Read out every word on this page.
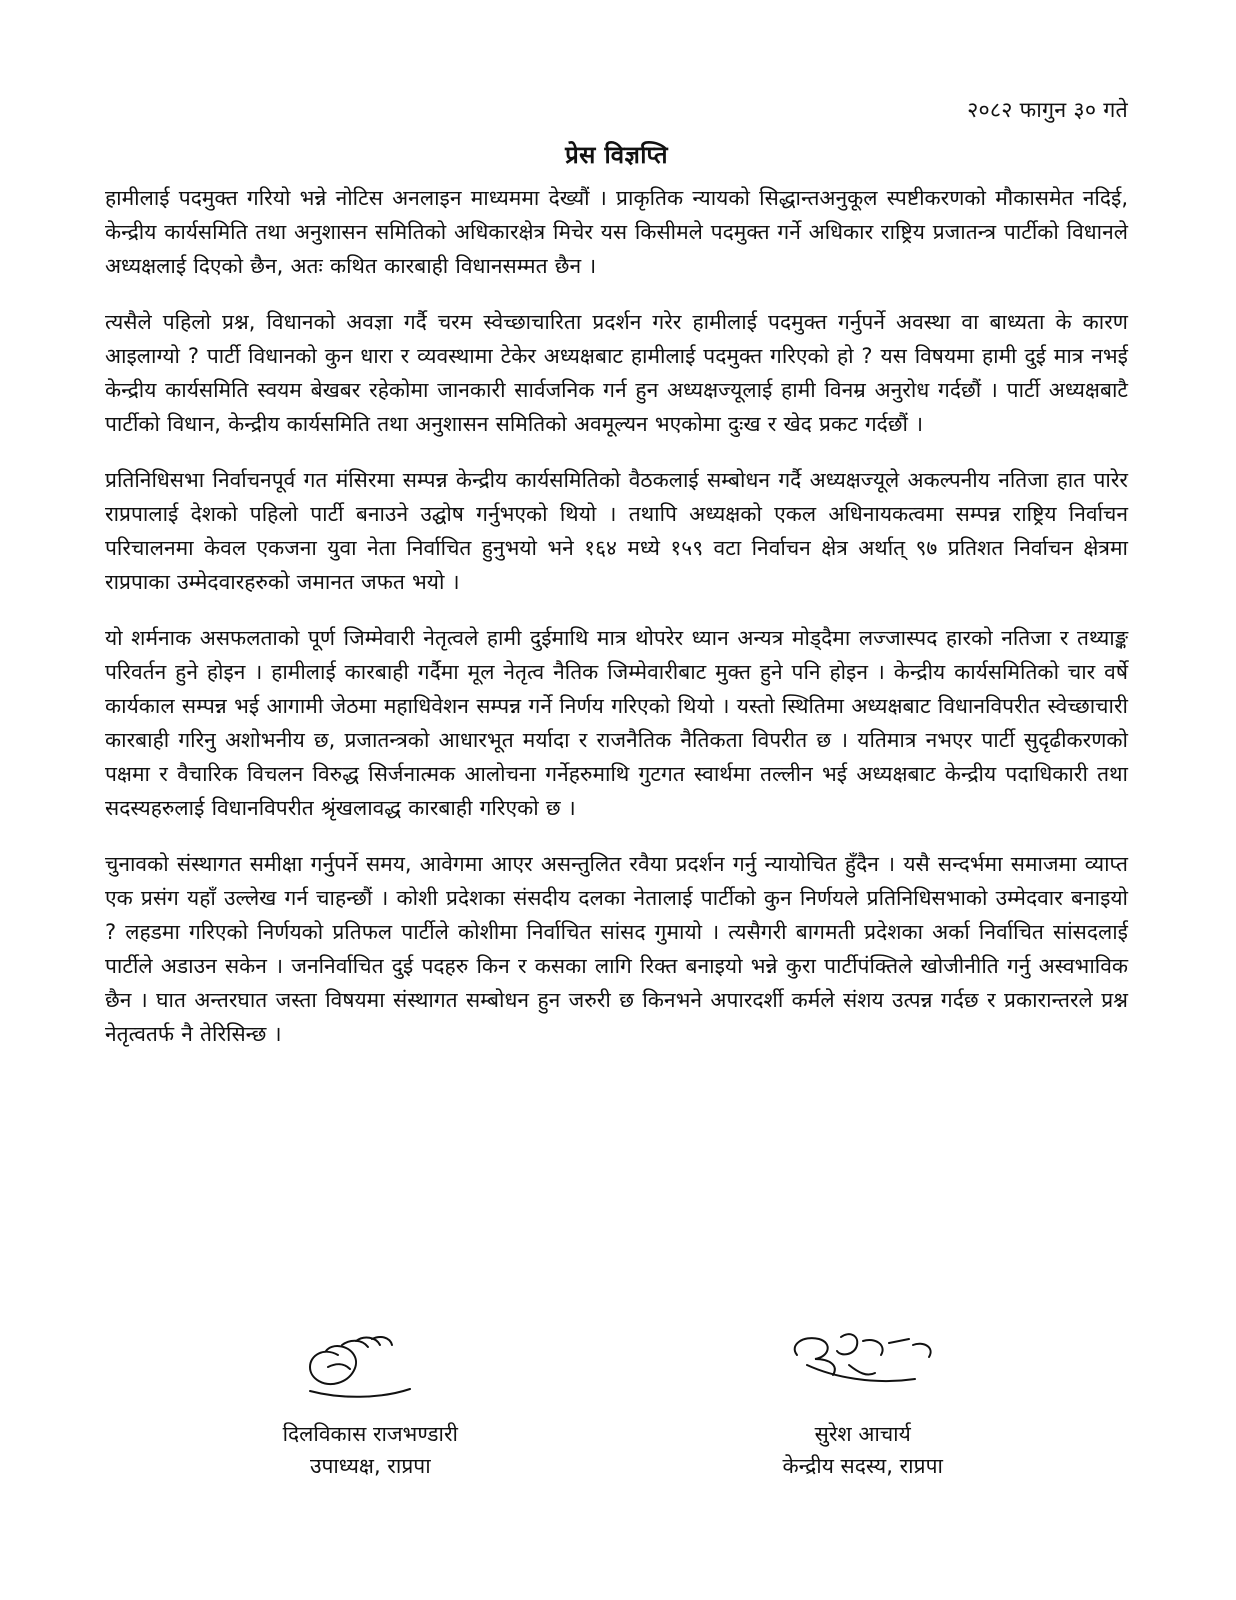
२०८२ फागुन ३० गते
प्रेस विज्ञप्ति

हामीलाई पदमुक्त गरियो भन्ने नोटिस अनलाइन माध्यममा देख्यौं । प्राकृतिक न्यायको सिद्धान्तअनुकूल स्पष्टीकरणको मौकासमेत नदिई, केन्द्रीय कार्यसमिति तथा अनुशासन समितिको अधिकारक्षेत्र मिचेर यस किसीमले पदमुक्त गर्ने अधिकार राष्ट्रिय प्रजातन्त्र पार्टीको विधानले अध्यक्षलाई दिएको छैन, अतः कथित कारबाही विधानसम्मत छैन ।

त्यसैले पहिलो प्रश्न, विधानको अवज्ञा गर्दै चरम स्वेच्छाचारिता प्रदर्शन गरेर हामीलाई पदमुक्त गर्नुपर्ने अवस्था वा बाध्यता के कारण आइलाग्यो ? पार्टी विधानको कुन धारा र व्यवस्थामा टेकेर अध्यक्षबाट हामीलाई पदमुक्त गरिएको हो ? यस विषयमा हामी दुई मात्र नभई केन्द्रीय कार्यसमिति स्वयम बेखबर रहेकोमा जानकारी सार्वजनिक गर्न हुन अध्यक्षज्यूलाई हामी विनम्र अनुरोध गर्दछौं । पार्टी अध्यक्षबाटै पार्टीको विधान, केन्द्रीय कार्यसमिति तथा अनुशासन समितिको अवमूल्यन भएकोमा दुःख र खेद प्रकट गर्दछौं ।

प्रतिनिधिसभा निर्वाचनपूर्व गत मंसिरमा सम्पन्न केन्द्रीय कार्यसमितिको वैठकलाई सम्बोधन गर्दै अध्यक्षज्यूले अकल्पनीय नतिजा हात पारेर राप्रपालाई देशको पहिलो पार्टी बनाउने उद्घोष गर्नुभएको थियो । तथापि अध्यक्षको एकल अधिनायकत्वमा सम्पन्न राष्ट्रिय निर्वाचन परिचालनमा केवल एकजना युवा नेता निर्वाचित हुनुभयो भने १६४ मध्ये १५९ वटा निर्वाचन क्षेत्र अर्थात् ९७ प्रतिशत निर्वाचन क्षेत्रमा राप्रपाका उम्मेदवारहरुको जमानत जफत भयो ।

यो शर्मनाक असफलताको पूर्ण जिम्मेवारी नेतृत्वले हामी दुईमाथि मात्र थोपरेर ध्यान अन्यत्र मोड्दैमा लज्जास्पद हारको नतिजा र तथ्याङ्क परिवर्तन हुने होइन । हामीलाई कारबाही गर्दैमा मूल नेतृत्व नैतिक जिम्मेवारीबाट मुक्त हुने पनि होइन । केन्द्रीय कार्यसमितिको चार वर्षे कार्यकाल सम्पन्न भई आगामी जेठमा महाधिवेशन सम्पन्न गर्ने निर्णय गरिएको थियो । यस्तो स्थितिमा अध्यक्षबाट विधानविपरीत स्वेच्छाचारी कारबाही गरिनु अशोभनीय छ, प्रजातन्त्रको आधारभूत मर्यादा र राजनैतिक नैतिकता विपरीत छ । यतिमात्र नभएर पार्टी सुदृढीकरणको पक्षमा र वैचारिक विचलन विरुद्ध सिर्जनात्मक आलोचना गर्नेहरुमाथि गुटगत स्वार्थमा तल्लीन भई अध्यक्षबाट केन्द्रीय पदाधिकारी तथा सदस्यहरुलाई विधानविपरीत श्रृंखलावद्ध कारबाही गरिएको छ ।

चुनावको संस्थागत समीक्षा गर्नुपर्ने समय, आवेगमा आएर असन्तुलित रवैया प्रदर्शन गर्नु न्यायोचित हुँदैन । यसै सन्दर्भमा समाजमा व्याप्त एक प्रसंग यहाँ उल्लेख गर्न चाहन्छौं । कोशी प्रदेशका संसदीय दलका नेतालाई पार्टीको कुन निर्णयले प्रतिनिधिसभाको उम्मेदवार बनाइयो ? लहडमा गरिएको निर्णयको प्रतिफल पार्टीले कोशीमा निर्वाचित सांसद गुमायो । त्यसैगरी बागमती प्रदेशका अर्का निर्वाचित सांसदलाई पार्टीले अडाउन सकेन । जननिर्वाचित दुई पदहरु किन र कसका लागि रिक्त बनाइयो भन्ने कुरा पार्टीपंक्तिले खोजीनीति गर्नु अस्वभाविक छैन । घात अन्तरघात जस्ता विषयमा संस्थागत सम्बोधन हुन जरुरी छ किनभने अपारदर्शी कर्मले संशय उत्पन्न गर्दछ र प्रकारान्तरले प्रश्न नेतृत्वतर्फ नै तेरिसिन्छ ।

दिलविकास राजभण्डारी
उपाध्यक्ष, राप्रपा
सुरेश आचार्य
केन्द्रीय सदस्य, राप्रपा
